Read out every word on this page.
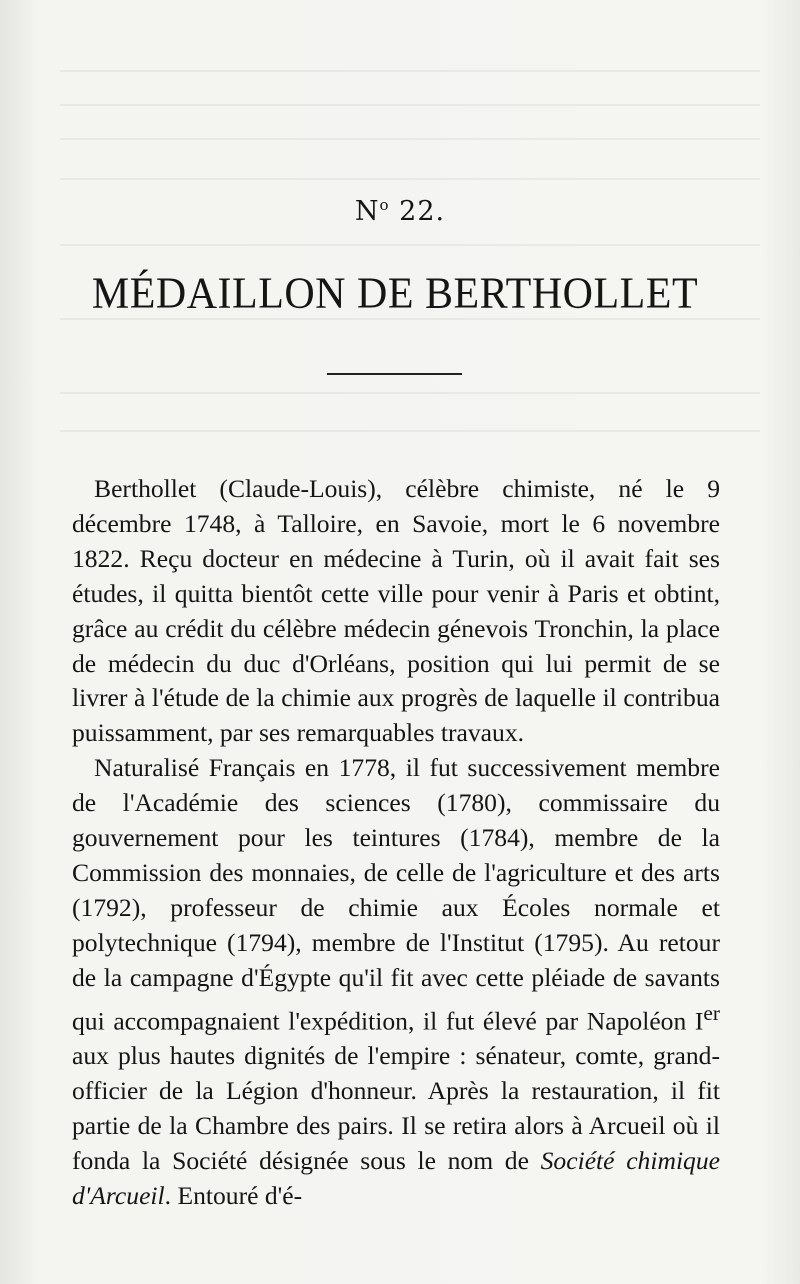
$N^o$ 22.
MÉDAILLON DE BERTHOLLET

Berthollet (Claude-Louis), célèbre chimiste, né le 9 décembre 1748, à Talloire, en Savoie, mort le 6 novembre 1822. Reçu docteur en médecine à Turin, où il avait fait ses études, il quitta bientôt cette ville pour venir à Paris et obtint, grâce au crédit du célèbre médecin génevois Tronchin, la place de médecin du duc d'Orléans, position qui lui permit de se livrer à l'étude de la chimie aux progrès de laquelle il contribua puissamment, par ses remarquables travaux.

Naturalisé Français en 1778, il fut successivement membre de l'Académie des sciences (1780), commissaire du gouvernement pour les teintures (1784), membre de la Commission des monnaies, de celle de l'agriculture et des arts (1792), professeur de chimie aux Écoles normale et polytechnique (1794), membre de l'Institut (1795). Au retour de la campagne d'Égypte qu'il fit avec cette pléiade de savants qui accompagnaient l'expédition, il fut élevé par Napoléon Ier aux plus hautes dignités de l'empire : sénateur, comte, grand-officier de la Légion d'honneur. Après la restauration, il fit partie de la Chambre des pairs. Il se retira alors à Arcueil où il fonda la Société désignée sous le nom de Société chimique d'Arcueil. Entouré d'é-
